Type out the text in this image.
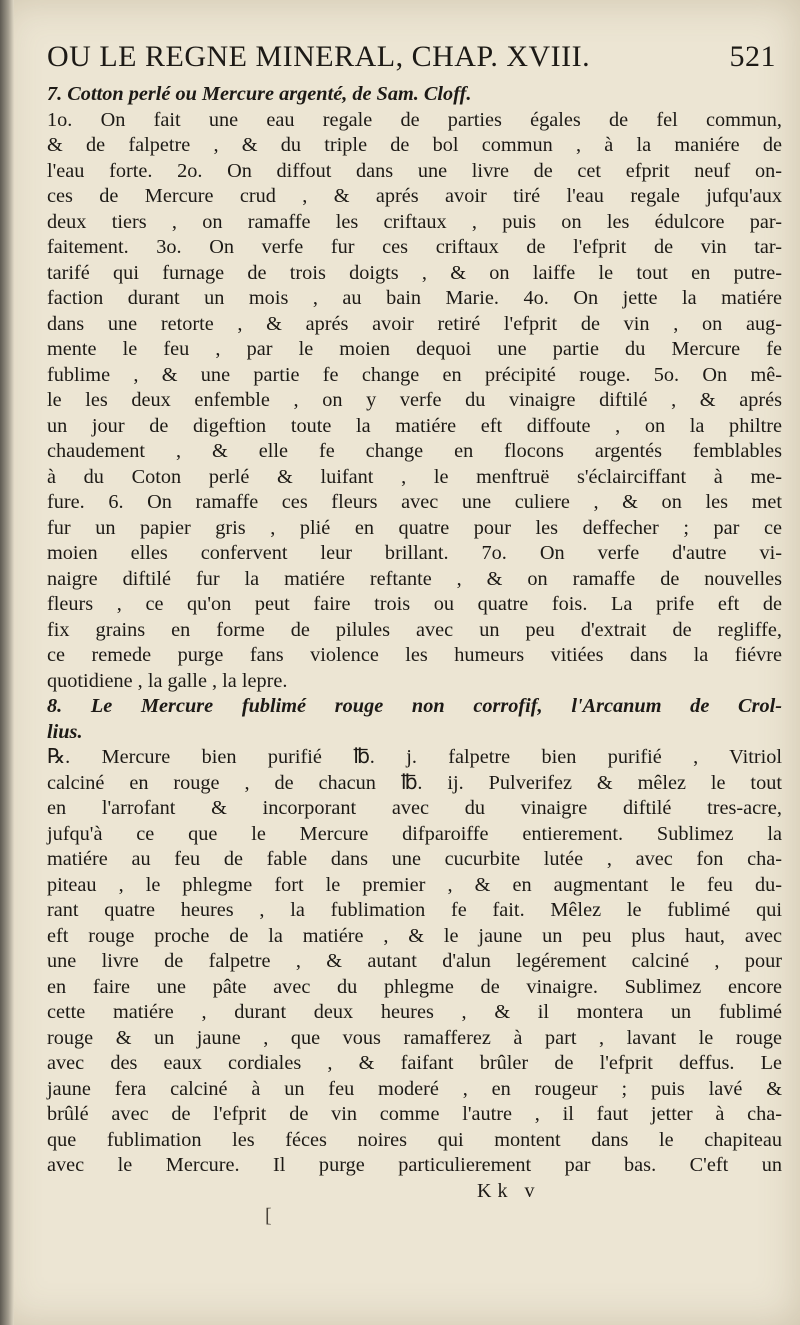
OU LE REGNE MINERAL, CHAP. XVIII.	521
7. Cotton perlé ou Mercure argenté, de Sam. Cloff.
1o. On fait une eau regale de parties égales de fel commun,
& de falpetre , & du triple de bol commun , à la maniére de
l'eau forte. 2o. On diffout dans une livre de cet efprit neuf on-
ces de Mercure crud , & aprés avoir tiré l'eau regale jufqu'aux
deux tiers , on ramaffe les criftaux , puis on les édulcore par-
faitement. 3o. On verfe fur ces criftaux de l'efprit de vin tar-
tarifé qui furnage de trois doigts , & on laiffe le tout en putre-
faction durant un mois , au bain Marie. 4o. On jette la matiére
dans une retorte , & aprés avoir retiré l'efprit de vin , on aug-
mente le feu , par le moien dequoi une partie du Mercure fe
fublime , & une partie fe change en précipité rouge. 5o. On mê-
le les deux enfemble , on y verfe du vinaigre diftilé , & aprés
un jour de digeftion toute la matiére eft diffoute , on la philtre
chaudement , & elle fe change en flocons argentés femblables
à du Coton perlé & luifant , le menftruë s'éclairciffant à me-
fure. 6. On ramaffe ces fleurs avec une culiere , & on les met
fur un papier gris , plié en quatre pour les deffecher ; par ce
moien elles confervent leur brillant. 7o. On verfe d'autre vi-
naigre diftilé fur la matiére reftante , & on ramaffe de nouvelles
fleurs , ce qu'on peut faire trois ou quatre fois. La prife eft de
fix grains en forme de pilules avec un peu d'extrait de regliffe,
ce remede purge fans violence les humeurs vitiées dans la fiévre
quotidiene , la galle , la lepre.
8. Le Mercure fublimé rouge non corrofif, l'Arcanum de Crol-
lius.
℞. Mercure bien purifié ℔. j. falpetre bien purifié , Vitriol
calciné en rouge , de chacun ℔. ij. Pulverifez & mêlez le tout
en l'arrofant & incorporant avec du vinaigre diftilé tres-acre,
jufqu'à ce que le Mercure difparoiffe entierement. Sublimez la
matiére au feu de fable dans une cucurbite lutée , avec fon cha-
piteau , le phlegme fort le premier , & en augmentant le feu du-
rant quatre heures , la fublimation fe fait. Mêlez le fublimé qui
eft rouge proche de la matiére , & le jaune un peu plus haut, avec
une livre de falpetre , & autant d'alun legérement calciné , pour
en faire une pâte avec du phlegme de vinaigre. Sublimez encore
cette matiére , durant deux heures , & il montera un fublimé
rouge & un jaune , que vous ramafferez à part , lavant le rouge
avec des eaux cordiales , & faifant brûler de l'efprit deffus. Le
jaune fera calciné à un feu moderé , en rougeur ; puis lavé &
brûlé avec de l'efprit de vin comme l'autre , il faut jetter à cha-
que fublimation les féces noires qui montent dans le chapiteau
avec le Mercure. Il purge particulierement par bas. C'eft un
Kk v
[
